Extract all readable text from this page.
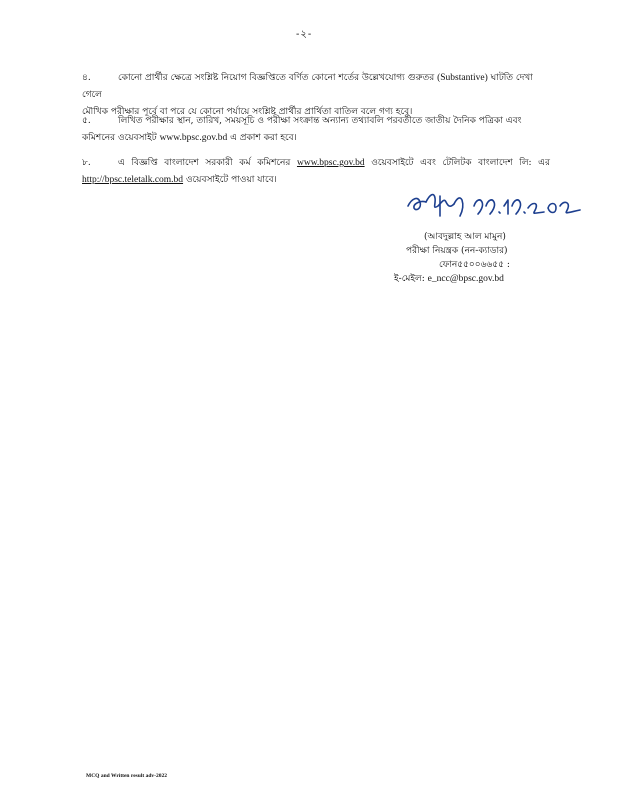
-২-
৪.	কোনো প্রার্থীর ক্ষেত্রে সংশ্লিষ্ট নিয়োগ বিজ্ঞপ্তিতে বর্ণিত কোনো শর্তের উল্লেখযোগ্য গুরুতর (Substantive) ঘাটতি দেখা গেলে
মৌখিক পরীক্ষার পূর্বে বা পরে যে কোনো পর্যায়ে সংশ্লিষ্ট প্রার্থীর প্রার্থিতা বাতিল বলে গণ্য হবে।
৫.	লিখিত পরীক্ষার স্থান, তারিখ, সময়সূচি ও পরীক্ষা সংক্রান্ত অন্যান্য তথ্যাবলি পরবর্তীতে জাতীয় দৈনিক পত্রিকা এবং
কমিশনের ওয়েবসাইট www.bpsc.gov.bd এ প্রকাশ করা হবে।
৮.	এ বিজ্ঞপ্তি বাংলাদেশ সরকারী কর্ম কমিশনের www.bpsc.gov.bd ওয়েবসাইটে এবং টেলিটক বাংলাদেশ লি: এর
http://bpsc.teletalk.com.bd ওয়েবসাইটে পাওয়া যাবে।
(আবদুল্লাহ আল মামুন)
পরীক্ষা নিয়ন্ত্রক (নন-ক্যাডার)
ফোন৫৫০০৬৬৫৫ :
ই-মেইল: e_ncc@bpsc.gov.bd
MCQ and Written result adv-2022
